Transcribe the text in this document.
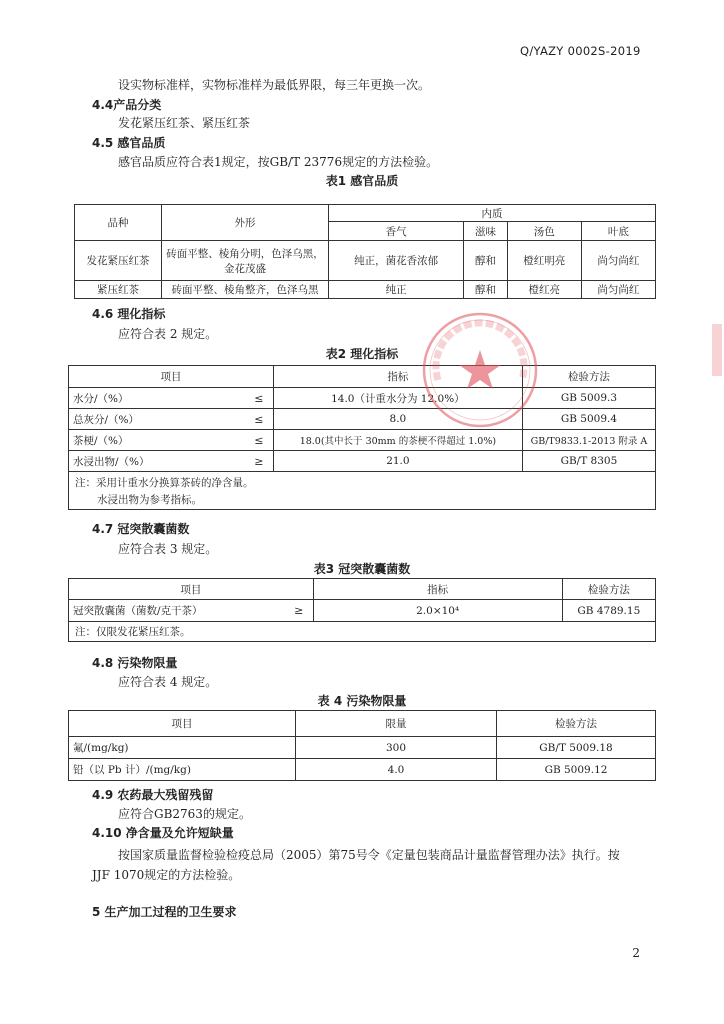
Q/YAZY 0002S-2019
设实物标准样，实物标准样为最低界限，每三年更换一次。
4.4产品分类
发花紧压红茶、紧压红茶
4.5 感官品质
感官品质应符合表1规定，按GB/T 23776规定的方法检验。
表1 感官品质
品种	外形	内质			
		香气	滋味	汤色	叶底
发花紧压红茶	砖面平整、棱角分明，色泽乌黑，金花茂盛	纯正，菌花香浓郁	醇和	橙红明亮	尚匀尚红
紧压红茶	砖面平整、棱角整齐，色泽乌黑	纯正	醇和	橙红亮	尚匀尚红
4.6 理化指标
应符合表 2 规定。
表2 理化指标
项目		指标	检验方法
水分/（%）	≤	14.0（计重水分为 12.0%）	GB 5009.3
总灰分/（%）	≤	8.0	GB 5009.4
茶梗/（%）	≤	18.0(其中长于 30mm 的茶梗不得超过 1.0%)	GB/T9833.1-2013 附录 A
水浸出物/（%）	≥	21.0	GB/T 8305

注：采用计重水分换算茶砖的净含量。
水浸出物为参考指标。			
4.7 冠突散囊菌数
应符合表 3 规定。
表3 冠突散囊菌数
项目		指标	检验方法
冠突散囊菌（菌数/克干茶）	≥	2.0×10⁴	GB 4789.15
注：仅限发花紧压红茶。			
4.8 污染物限量
应符合表 4 规定。
表 4 污染物限量
项目	限量	检验方法
氟/(mg/kg)	300	GB/T 5009.18
铅（以 Pb 计）/(mg/kg)	4.0	GB 5009.12
4.9 农药最大残留残留
应符合GB2763的规定。
4.10 净含量及允许短缺量
按国家质量监督检验检疫总局（2005）第75号令《定量包装商品计量监督管理办法》执行。按
JJF 1070规定的方法检验。
5 生产加工过程的卫生要求
2
